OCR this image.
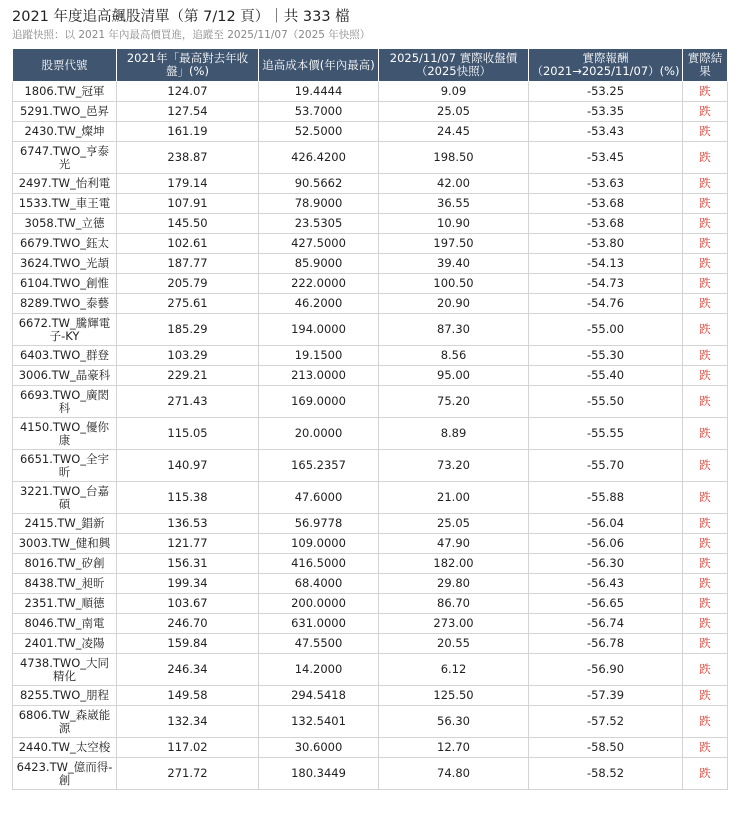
2021 年度追高飆股清單（第 7/12 頁）｜共 333 檔
追蹤快照：以 2021 年內最高價買進，追蹤至 2025/11/07（2025 年快照）
股票代號	2021年「最高對去年收盤」(%)	追高成本價(年內最高)	2025/11/07 實際收盤價（2025快照）	實際報酬（2021→2025/11/07）(%)	實際結果
1806.TW_冠軍	124.07	19.4444	9.09	-53.25	跌
5291.TWO_邑昇	127.54	53.7000	25.05	-53.35	跌
2430.TW_燦坤	161.19	52.5000	24.45	-53.43	跌
6747.TWO_亨泰光	238.87	426.4200	198.50	-53.45	跌
2497.TW_怡利電	179.14	90.5662	42.00	-53.63	跌
1533.TW_車王電	107.91	78.9000	36.55	-53.68	跌
3058.TW_立德	145.50	23.5305	10.90	-53.68	跌
6679.TWO_鈺太	102.61	427.5000	197.50	-53.80	跌
3624.TWO_光頡	187.77	85.9000	39.40	-54.13	跌
6104.TWO_創惟	205.79	222.0000	100.50	-54.73	跌
8289.TWO_泰藝	275.61	46.2000	20.90	-54.76	跌
6672.TW_騰輝電子-KY	185.29	194.0000	87.30	-55.00	跌
6403.TWO_群登	103.29	19.1500	8.56	-55.30	跌
3006.TW_晶豪科	229.21	213.0000	95.00	-55.40	跌
6693.TWO_廣閎科	271.43	169.0000	75.20	-55.50	跌
4150.TWO_優你康	115.05	20.0000	8.89	-55.55	跌
6651.TWO_全宇昕	140.97	165.2357	73.20	-55.70	跌
3221.TWO_台嘉碩	115.38	47.6000	21.00	-55.88	跌
2415.TW_錩新	136.53	56.9778	25.05	-56.04	跌
3003.TW_健和興	121.77	109.0000	47.90	-56.06	跌
8016.TW_矽創	156.31	416.5000	182.00	-56.30	跌
8438.TW_昶昕	199.34	68.4000	29.80	-56.43	跌
2351.TW_順德	103.67	200.0000	86.70	-56.65	跌
8046.TW_南電	246.70	631.0000	273.00	-56.74	跌
2401.TW_凌陽	159.84	47.5500	20.55	-56.78	跌
4738.TWO_大同精化	246.34	14.2000	6.12	-56.90	跌
8255.TWO_朋程	149.58	294.5418	125.50	-57.39	跌
6806.TW_森崴能源	132.34	132.5401	56.30	-57.52	跌
2440.TW_太空梭	117.02	30.6000	12.70	-58.50	跌
6423.TW_億而得-創	271.72	180.3449	74.80	-58.52	跌
